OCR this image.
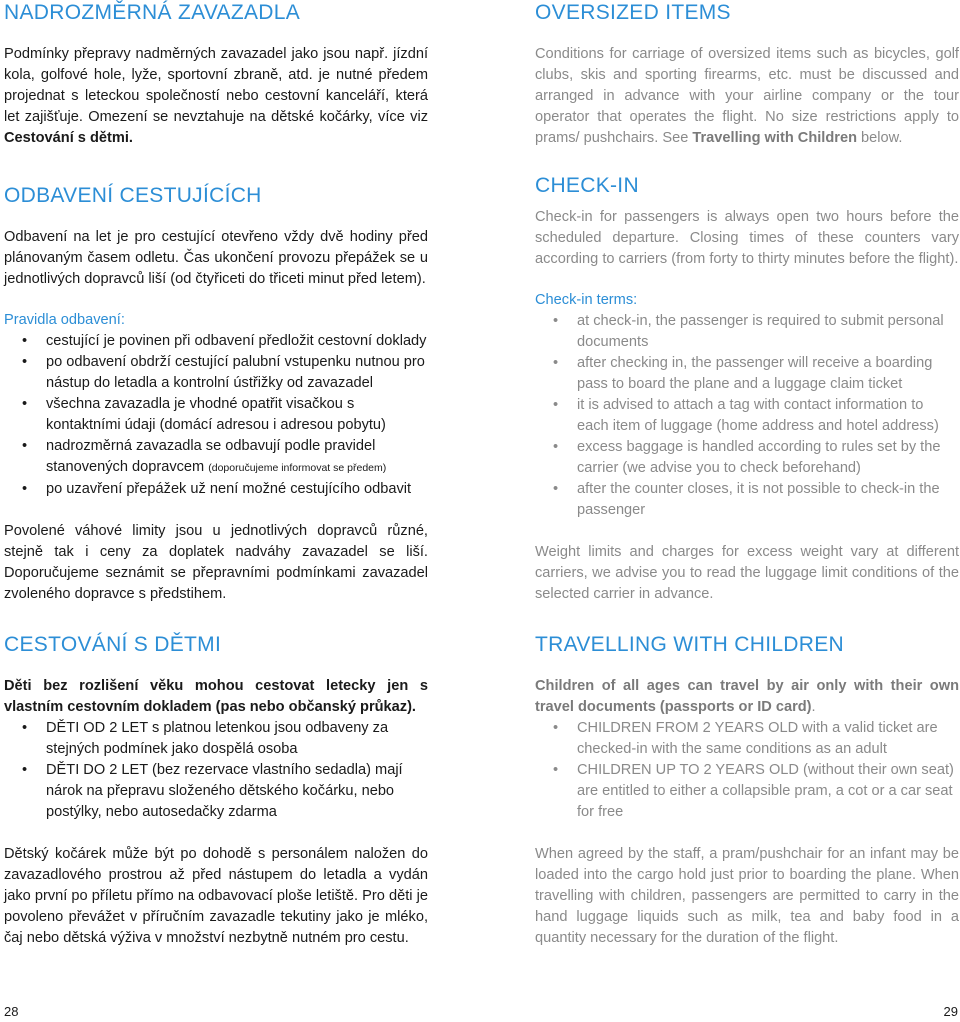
NADROZMĚRNÁ ZAVAZADLA

Podmínky přepravy nadměrných zavazadel jako jsou např. jízdní kola, golfové hole, lyže, sportovní zbraně, atd. je nutné předem projednat s leteckou společností nebo cestovní kanceláří, která let zajišťuje. Omezení se nevztahuje na dětské kočárky, více viz Cestování s dětmi.

ODBAVENÍ CESTUJÍCÍCH

Odbavení na let je pro cestující otevřeno vždy dvě hodiny před plánovaným časem odletu. Čas ukončení provozu přepážek se u jednotlivých dopravců liší (od čtyřiceti do třiceti minut před letem).

Pravidla odbavení:

• cestující je povinen při odbavení předložit cestovní doklady
• po odbavení obdrží cestující palubní vstupenku nutnou pro nástup do letadla a kontrolní ústřižky od zavazadel
• všechna zavazadla je vhodné opatřit visačkou s kontaktními údaji (domácí adresou i adresou pobytu)
• nadrozměrná zavazadla se odbavují podle pravidel stanovených dopravcem (doporučujeme informovat se předem)
• po uzavření přepážek už není možné cestujícího odbavit

Povolené váhové limity jsou u jednotlivých dopravců různé, stejně tak i ceny za doplatek nadváhy zavazadel se liší. Doporučujeme seznámit se přepravními podmínkami zavazadel zvoleného dopravce s předstihem.

CESTOVÁNÍ S DĚTMI

Děti bez rozlišení věku mohou cestovat letecky jen s vlastním cestovním dokladem (pas nebo občanský průkaz).

• DĚTI OD 2 LET s platnou letenkou jsou odbaveny za stejných podmínek jako dospělá osoba
• DĚTI DO 2 LET (bez rezervace vlastního sedadla) mají nárok na přepravu složeného dětského kočárku, nebo postýlky, nebo autosedačky zdarma

Dětský kočárek může být po dohodě s personálem naložen do zavazadlového prostrou až před nástupem do letadla a vydán jako první po příletu přímo na odbavovací ploše letiště. Pro děti je povoleno převážet v příručním zavazadle tekutiny jako je mléko, čaj nebo dětská výživa v množství nezbytně nutném pro cestu.

28
OVERSIZED ITEMS

Conditions for carriage of oversized items such as bicycles, golf clubs, skis and sporting firearms, etc. must be discussed and arranged in advance with your airline company or the tour operator that operates the flight. No size restrictions apply to prams/ pushchairs. See Travelling with Children below.

CHECK-IN

Check-in for passengers is always open two hours before the scheduled departure. Closing times of these counters vary according to carriers (from forty to thirty minutes before the flight).

Check-in terms:

• at check-in, the passenger is required to submit personal documents
• after checking in, the passenger will receive a boarding pass to board the plane and a luggage claim ticket
• it is advised to attach a tag with contact information to each item of luggage (home address and hotel address)
• excess baggage is handled according to rules set by the carrier (we advise you to check beforehand)
• after the counter closes, it is not possible to check-in the passenger

Weight limits and charges for excess weight vary at different carriers, we advise you to read the luggage limit conditions of the selected carrier in advance.

TRAVELLING WITH CHILDREN

Children of all ages can travel by air only with their own travel documents (passports or ID card).

• CHILDREN FROM 2 YEARS OLD with a valid ticket are checked-in with the same conditions as an adult
• CHILDREN UP TO 2 YEARS OLD (without their own seat) are entitled to either a collapsible pram, a cot or a car seat for free

When agreed by the staff, a pram/pushchair for an infant may be loaded into the cargo hold just prior to boarding the plane. When travelling with children, passengers are permitted to carry in the hand luggage liquids such as milk, tea and baby food in a quantity necessary for the duration of the flight.

29
